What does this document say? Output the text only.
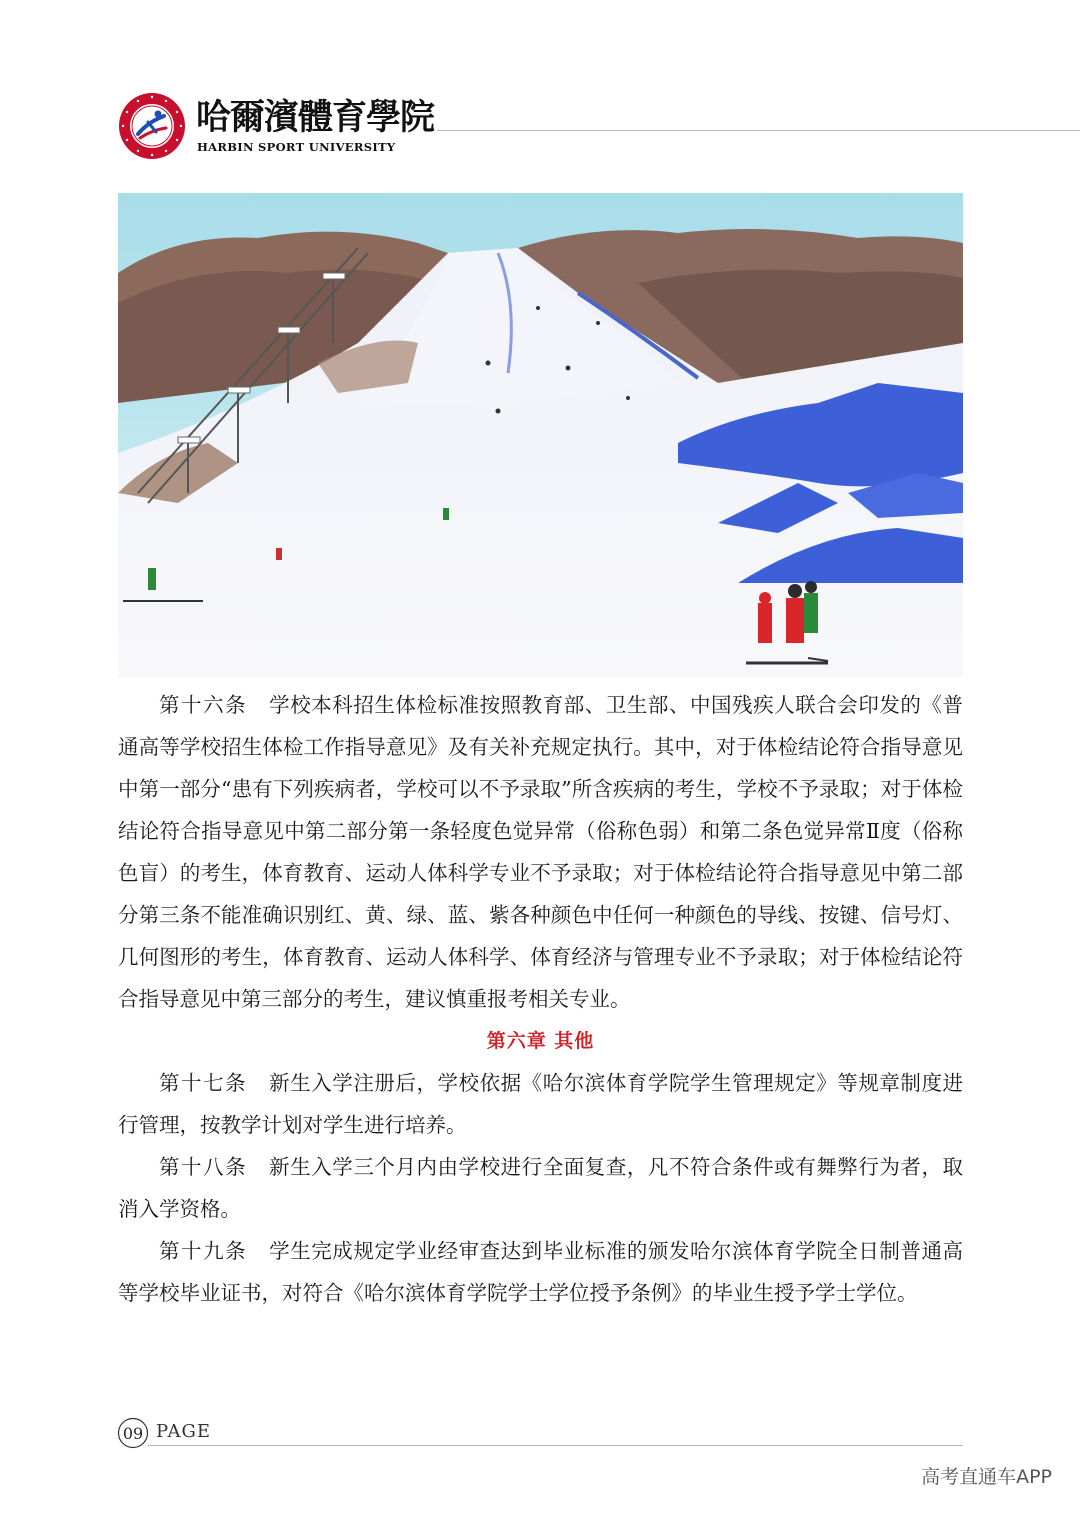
哈爾濱體育學院
HARBIN SPORT UNIVERSITY

第十六条 学校本科招生体检标准按照教育部、卫生部、中国残疾人联合会印发的《普通高等学校招生体检工作指导意见》及有关补充规定执行。其中，对于体检结论符合指导意见中第一部分“患有下列疾病者，学校可以不予录取”所含疾病的考生，学校不予录取；对于体检结论符合指导意见中第二部分第一条轻度色觉异常（俗称色弱）和第二条色觉异常Ⅱ度（俗称色盲）的考生，体育教育、运动人体科学专业不予录取；对于体检结论符合指导意见中第二部分第三条不能准确识别红、黄、绿、蓝、紫各种颜色中任何一种颜色的导线、按键、信号灯、几何图形的考生，体育教育、运动人体科学、体育经济与管理专业不予录取；对于体检结论符合指导意见中第三部分的考生，建议慎重报考相关专业。

第六章 其他

第十七条 新生入学注册后，学校依据《哈尔滨体育学院学生管理规定》等规章制度进行管理，按教学计划对学生进行培养。

第十八条 新生入学三个月内由学校进行全面复查，凡不符合条件或有舞弊行为者，取消入学资格。

第十九条 学生完成规定学业经审查达到毕业标准的颁发哈尔滨体育学院全日制普通高等学校毕业证书，对符合《哈尔滨体育学院学士学位授予条例》的毕业生授予学士学位。

09 PAGE
高考直通车APP
